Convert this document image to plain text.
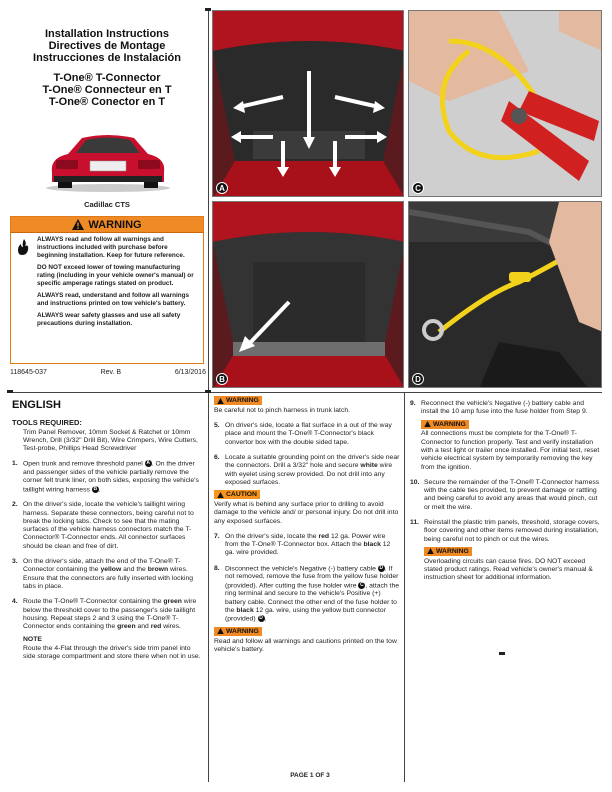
Installation Instructions
Directives de Montage
Instrucciones de Instalación
T-One® T-Connector
T-One® Connecteur en T
T-One® Conector en T
Cadillac CTS
WARNING

ALWAYS read and follow all warnings and instructions included with purchase before beginning installation. Keep for future reference.

DO NOT exceed lower of towing manufacturing rating (including in your vehicle owner's manual) or specific amperage ratings stated on product.

ALWAYS read, understand and follow all warnings and instructions printed on tow vehicle's battery.

ALWAYS wear safety glasses and use all safety precautions during installation.

118645-037	Rev. B	6/13/2016
A
B
C
D
ENGLISH
TOOLS REQUIRED:
Trim Panel Remover, 10mm Socket & Ratchet or 10mm Wrench, Drill (3/32" Drill Bit), Wire Crimpers, Wire Cutters, Test-probe, Phillips Head Screwdriver
1. Open trunk and remove threshold panel A . On the driver and passenger sides of the vehicle partially remove the corner felt trunk liner, on both sides, exposing the vehicle's taillight wiring harness B .
2. On the driver's side, locate the vehicle's taillight wiring harness. Separate these connectors, being careful not to break the locking tabs. Check to see that the mating surfaces of the vehicle harness connectors match the T-Connector® T-Connector ends. All connector surfaces should be clean and free of dirt.
3. On the driver's side, attach the end of the T-One® T-Connector containing the yellow and the brown wires. Ensure that the connectors are fully inserted with locking tabs in place.
4. Route the T-One® T-Connector containing the green wire below the threshold cover to the passenger's side taillight housing. Repeat steps 2 and 3 using the T-One® T-Connector ends containing the green and red wires.
NOTE
Route the 4-Flat through the driver's side trim panel into side storage compartment and store there when not in use.
WARNING
Be careful not to pinch harness in trunk latch.
5. On driver's side, locate a flat surface in a out of the way place and mount the T-One® T-Connector's black convertor box with the double sided tape.
6. Locate a suitable grounding point on the driver's side near the connectors. Drill a 3/32" hole and secure white wire with eyelet using screw provided. Do not drill into any exposed surfaces.
CAUTION
Verify what is behind any surface prior to drilling to avoid damage to the vehicle and/ or personal injury. Do not drill into any exposed surfaces.
7. On the driver's side, locate the red 12 ga. Power wire from the T-One® T-Connector box. Attach the black 12 ga. wire provided.
8. Disconnect the vehicle's Negative (-) battery cable D . If not removed, remove the fuse from the yellow fuse holder (provided). After cutting the fuse holder wire C , attach the ring terminal and secure to the vehicle's Positive (+) battery cable. Connect the other end of the fuse holder to the black 12 ga. wire, using the yellow butt connector (provided) D .
WARNING
Read and follow all warnings and cautions printed on the tow vehicle's battery.
9. Reconnect the vehicle's Negative (-) battery cable and install the 10 amp fuse into the fuse holder from Step 9.
WARNING
All connections must be complete for the T-One® T-Connector to function properly. Test and verify installation with a test light or trailer once installed. For initial test, reset vehicle electrical system by temporarily removing the key from the ignition.
10. Secure the remainder of the T-One® T-Connector harness with the cable ties provided, to prevent damage or rattling and being careful to avoid any areas that would pinch, cut or melt the wire.
11. Reinstall the plastic trim panels, threshold, storage covers, floor covering and other items removed during installation, being careful not to pinch or cut the wires.
WARNING
Overloading circuits can cause fires. DO NOT exceed stated product ratings. Read vehicle's owner's manual & instruction sheet for additional information.
PAGE 1 OF 3
